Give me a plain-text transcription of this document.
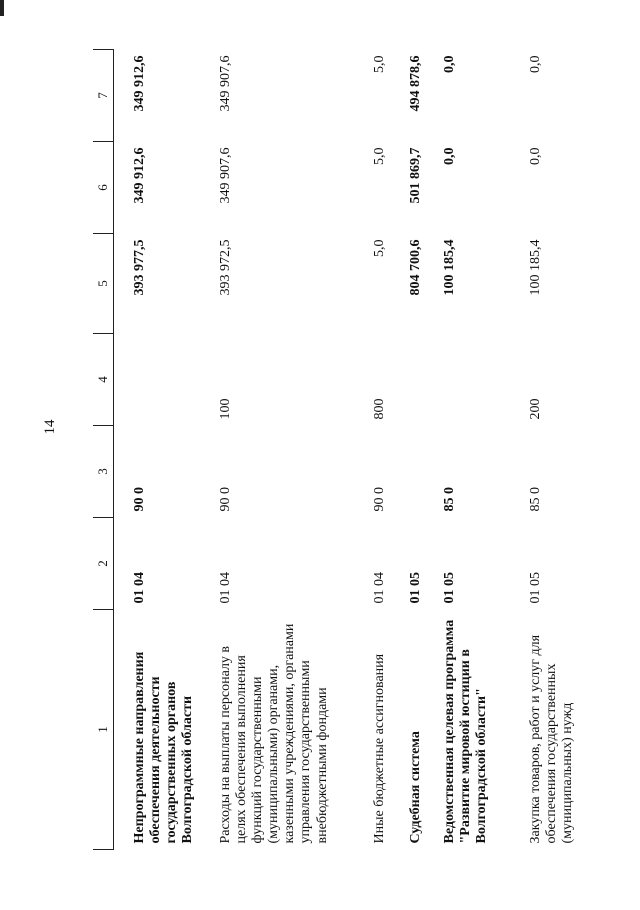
14
1	2	3	4	5	6	7
Непрограммные направления обеспечения деятельности государственных органов Волгоградской области	01 04	90 0		393 977,5	349 912,6	349 912,6
Расходы на выплаты персоналу в целях обеспечения выполнения функций государственными (муниципальными) органами, казенными учреждениями, органами управления государственными внебюджетными фондами	01 04	90 0	100	393 972,5	349 907,6	349 907,6
Иные бюджетные ассигнования	01 04	90 0	800	5,0	5,0	5,0
Судебная система	01 05			804 700,6	501 869,7	494 878,6
Ведомственная целевая программа "Развитие мировой юстиции в Волгоградской области"	01 05	85 0		100 185,4	0,0	0,0
Закупка товаров, работ и услуг для обеспечения государственных (муниципальных) нужд	01 05	85 0	200	100 185,4	0,0	0,0
